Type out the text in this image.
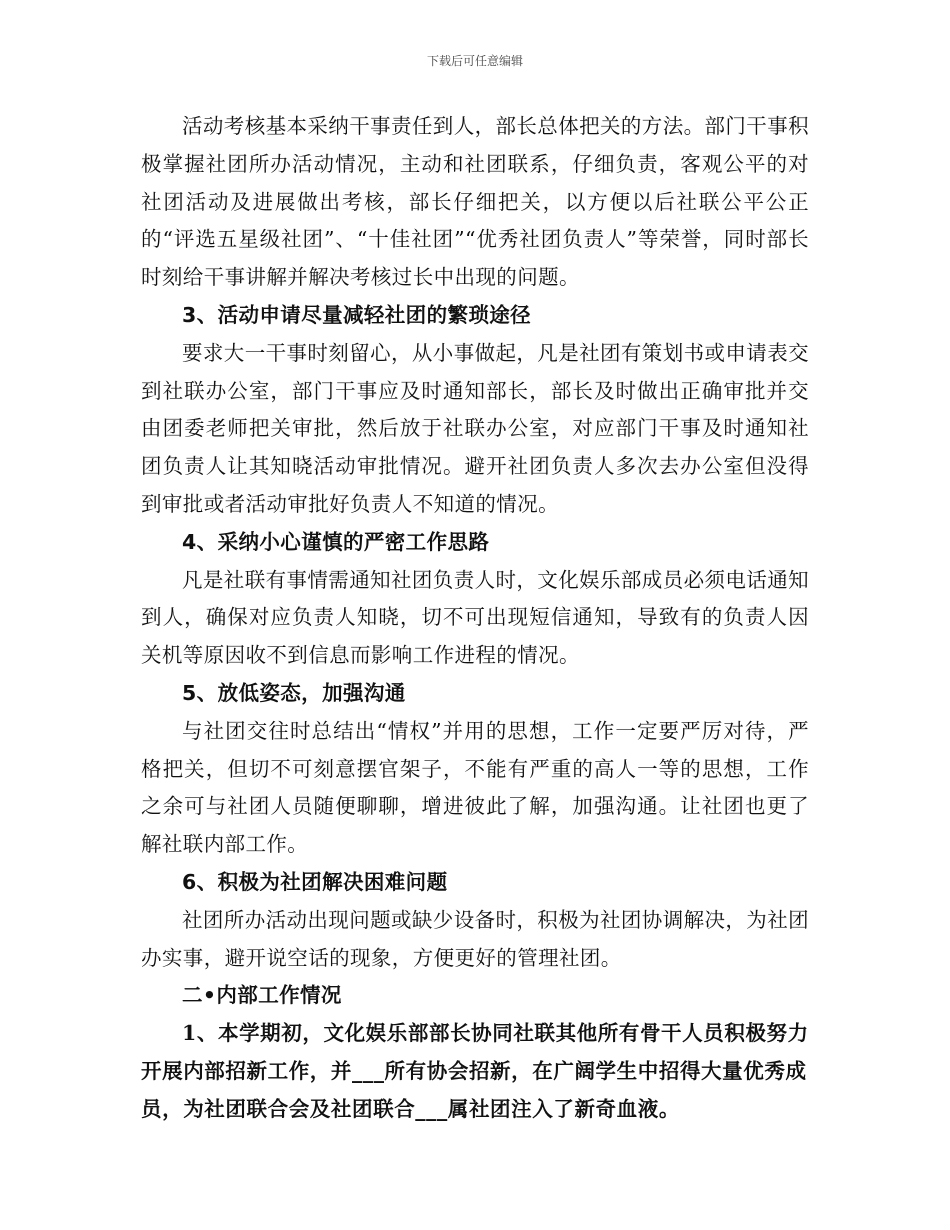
下载后可任意编辑

活动考核基本采纳干事责任到人，部长总体把关的方法。部门干事积极掌握社团所办活动情况，主动和社团联系，仔细负责，客观公平的对社团活动及进展做出考核，部长仔细把关，以方便以后社联公平公正的“评选五星级社团”、“十佳社团”“优秀社团负责人”等荣誉，同时部长时刻给干事讲解并解决考核过长中出现的问题。

3、活动申请尽量减轻社团的繁琐途径

要求大一干事时刻留心，从小事做起，凡是社团有策划书或申请表交到社联办公室，部门干事应及时通知部长，部长及时做出正确审批并交由团委老师把关审批，然后放于社联办公室，对应部门干事及时通知社团负责人让其知晓活动审批情况。避开社团负责人多次去办公室但没得到审批或者活动审批好负责人不知道的情况。

4、采纳小心谨慎的严密工作思路

凡是社联有事情需通知社团负责人时，文化娱乐部成员必须电话通知到人，确保对应负责人知晓，切不可出现短信通知，导致有的负责人因关机等原因收不到信息而影响工作进程的情况。

5、放低姿态，加强沟通

与社团交往时总结出“情权”并用的思想，工作一定要严厉对待，严格把关，但切不可刻意摆官架子，不能有严重的高人一等的思想，工作之余可与社团人员随便聊聊，增进彼此了解，加强沟通。让社团也更了解社联内部工作。

6、积极为社团解决困难问题

社团所办活动出现问题或缺少设备时，积极为社团协调解决，为社团办实事，避开说空话的现象，方便更好的管理社团。

二•内部工作情况

1、本学期初，文化娱乐部部长协同社联其他所有骨干人员积极努力开展内部招新工作，并___所有协会招新，在广阔学生中招得大量优秀成员，为社团联合会及社团联合___属社团注入了新奇血液。
